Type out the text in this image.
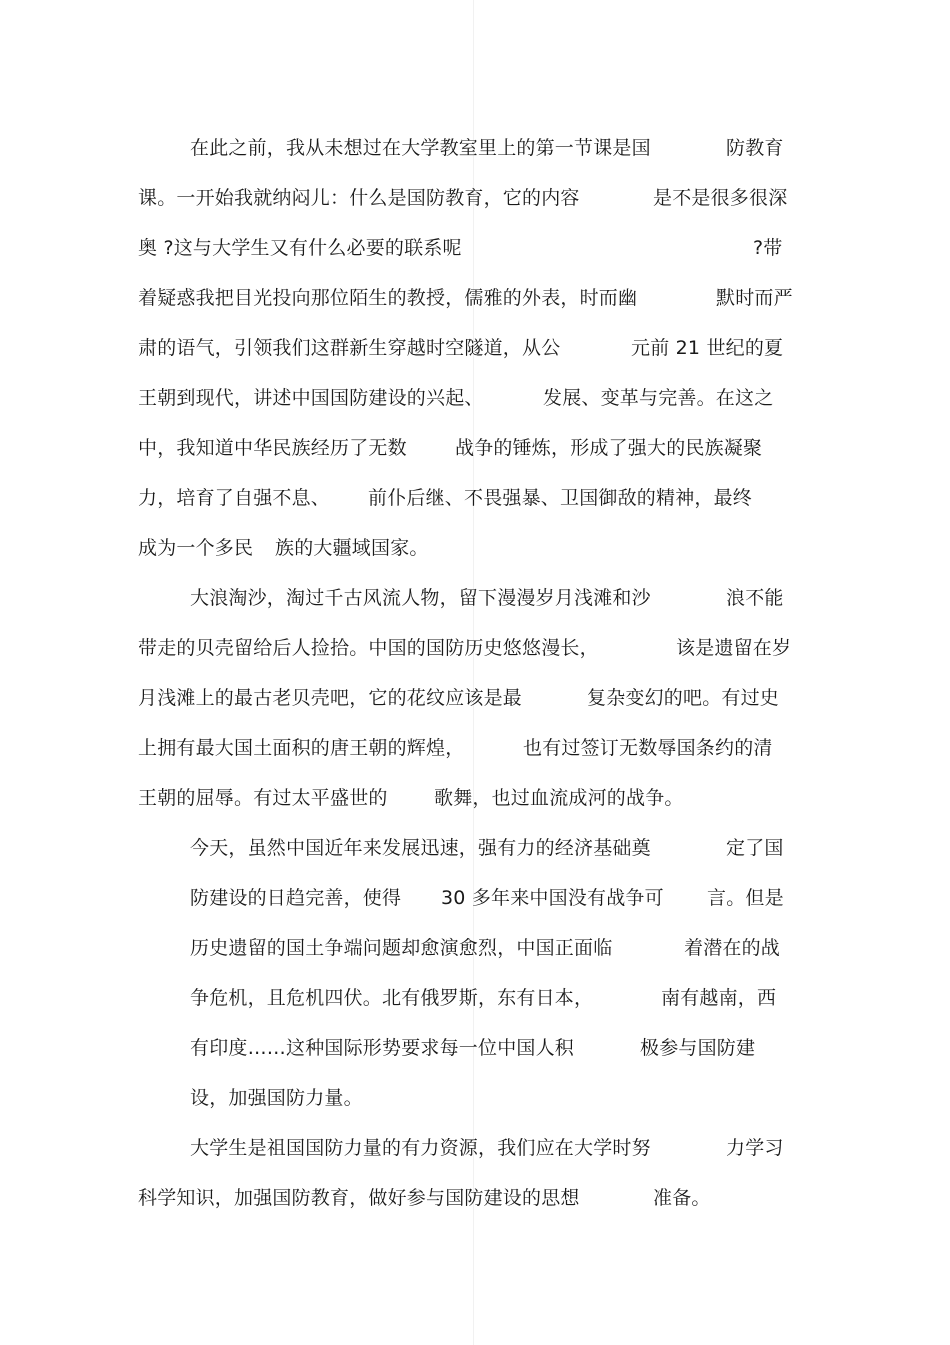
在此之前，我从未想过在大学教室里上的第一节课是国

	防教育

课。一开始我就纳闷儿：什么是国防教育，它的内容

	是不是很多很深

奥 ?这与大学生又有什么必要的联系呢

	?带

着疑惑我把目光投向那位陌生的教授，儒雅的外表，时而幽

	默时而严

肃的语气，引领我们这群新生穿越时空隧道，从公

	元前 21 世纪的夏

王朝到现代，讲述中国国防建设的兴起、

	发展、变革与完善。在这之

中，我知道中华民族经历了无数

	战争的锤炼，形成了强大的民族凝聚

力，培育了自强不息、

前仆后继、不畏强暴、卫国御敌的精神，最终

成为一个多民

族的大疆域国家。

大浪淘沙，淘过千古风流人物，留下漫漫岁月浅滩和沙

	浪不能

带走的贝壳留给后人捡拾。中国的国防历史悠悠漫长，

	该是遗留在岁

月浅滩上的最古老贝壳吧，它的花纹应该是最

	复杂变幻的吧。有过史

上拥有最大国土面积的唐王朝的辉煌，

	也有过签订无数辱国条约的清

王朝的屈辱。有过太平盛世的

歌舞，也过血流成河的战争。

今天，虽然中国近年来发展迅速，强有力的经济基础奠

	定了国

防建设的日趋完善，使得

30 多年来中国没有战争可

言。但是

历史遗留的国土争端问题却愈演愈烈，中国正面临

	着潜在的战

争危机，且危机四伏。北有俄罗斯，东有日本，

	南有越南，西

有印度……这种国际形势要求每一位中国人积

	极参与国防建

设，加强国防力量。

大学生是祖国国防力量的有力资源，我们应在大学时努

	力学习

科学知识，加强国防教育，做好参与国防建设的思想

	准备。
